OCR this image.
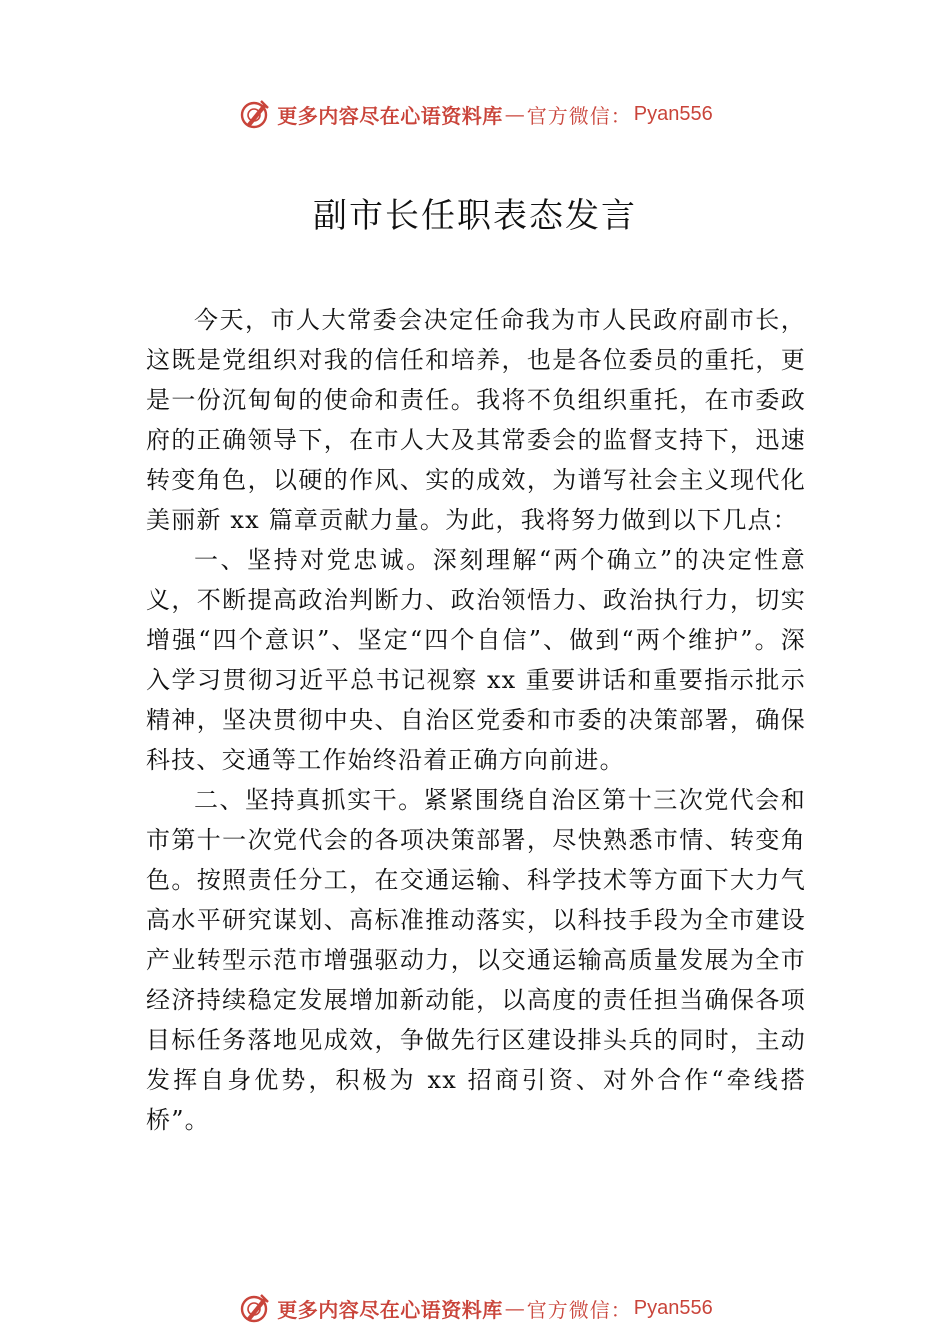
更多内容尽在心语资料库 — 官方微信： Pyan556
副市长任职表态发言

今天，市人大常委会决定任命我为市人民政府副市长，这既是党组织对我的信任和培养，也是各位委员的重托，更是一份沉甸甸的使命和责任。我将不负组织重托，在市委政府的正确领导下，在市人大及其常委会的监督支持下，迅速转变角色，以硬的作风、实的成效，为谱写社会主义现代化美丽新 xx 篇章贡献力量。为此，我将努力做到以下几点：

一、坚持对党忠诚。深刻理解“两个确立”的决定性意义，不断提高政治判断力、政治领悟力、政治执行力，切实增强“四个意识”、坚定“四个自信”、做到“两个维护”。深入学习贯彻习近平总书记视察 xx 重要讲话和重要指示批示精神，坚决贯彻中央、自治区党委和市委的决策部署，确保科技、交通等工作始终沿着正确方向前进。

二、坚持真抓实干。紧紧围绕自治区第十三次党代会和市第十一次党代会的各项决策部署，尽快熟悉市情、转变角色。按照责任分工，在交通运输、科学技术等方面下大力气高水平研究谋划、高标准推动落实，以科技手段为全市建设产业转型示范市增强驱动力，以交通运输高质量发展为全市经济持续稳定发展增加新动能，以高度的责任担当确保各项目标任务落地见成效，争做先行区建设排头兵的同时，主动发挥自身优势，积极为 xx 招商引资、对外合作“牵线搭桥”。

更多内容尽在心语资料库 — 官方微信： Pyan556
